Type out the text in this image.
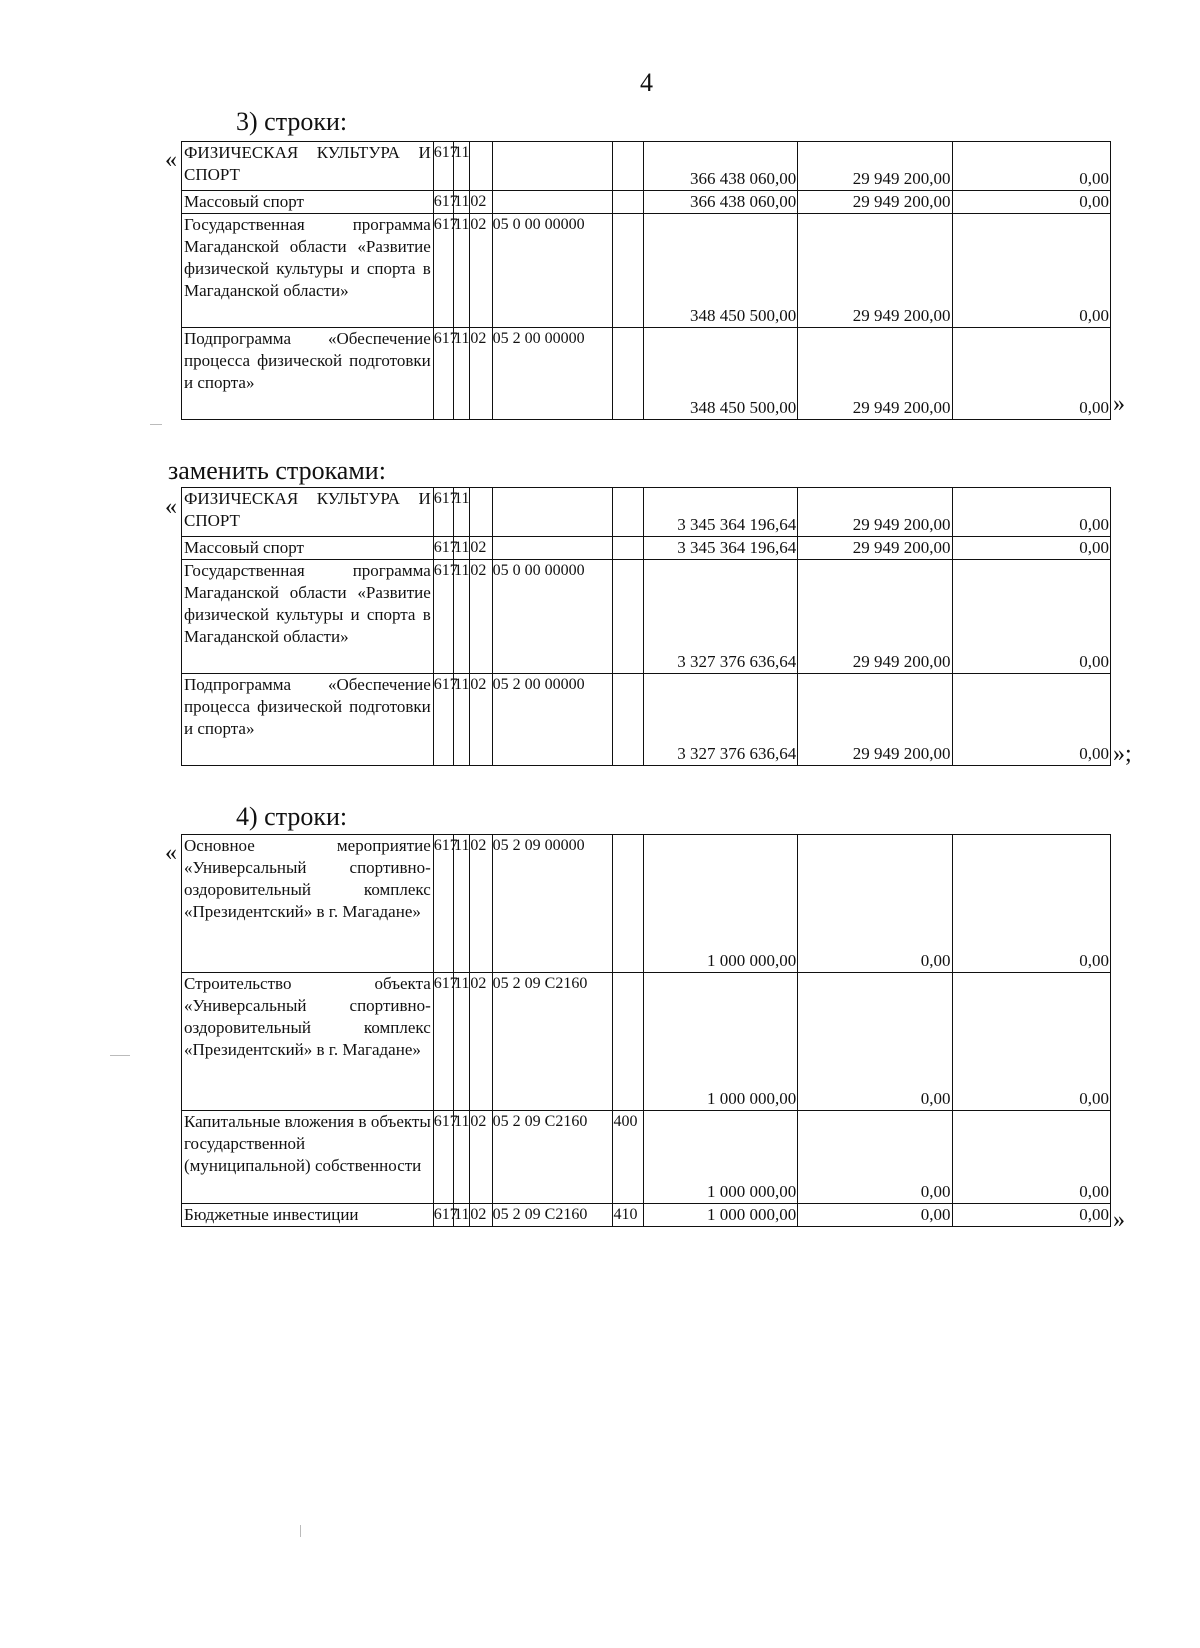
4
3) строки:
« ФИЗИЧЕСКАЯ КУЛЬТУРА И СПОРТ	617	11				366 438 060,00	29 949 200,00	0,00
Массовый спорт	617	11	02			366 438 060,00	29 949 200,00	0,00
Государственная программа Магаданской области «Развитие физической культуры и спорта в Магаданской области»	617	11	02	05 0 00 00000		348 450 500,00	29 949 200,00	0,00
Подпрограмма «Обеспечение процесса физической подготовки и спорта»	617	11	02	05 2 00 00000		348 450 500,00	29 949 200,00	0,00 »
заменить строками:
« ФИЗИЧЕСКАЯ КУЛЬТУРА И СПОРТ	617	11				3 345 364 196,64	29 949 200,00	0,00
Массовый спорт	617	11	02			3 345 364 196,64	29 949 200,00	0,00
Государственная программа Магаданской области «Развитие физической культуры и спорта в Магаданской области»	617	11	02	05 0 00 00000		3 327 376 636,64	29 949 200,00	0,00
Подпрограмма «Обеспечение процесса физической подготовки и спорта»	617	11	02	05 2 00 00000		3 327 376 636,64	29 949 200,00	0,00 »;
4) строки:
« Основное мероприятие «Универсальный спортивно-оздоровительный комплекс «Президентский» в г. Магадане»	617	11	02	05 2 09 00000		1 000 000,00	0,00	0,00
Строительство объекта «Универсальный спортивно-оздоровительный комплекс «Президентский» в г. Магадане»	617	11	02	05 2 09 C2160		1 000 000,00	0,00	0,00
Капитальные вложения в объекты государственной (муниципальной) собственности	617	11	02	05 2 09 C2160	400	1 000 000,00	0,00	0,00
Бюджетные инвестиции	617	11	02	05 2 09 C2160	410	1 000 000,00	0,00	0,00 »
